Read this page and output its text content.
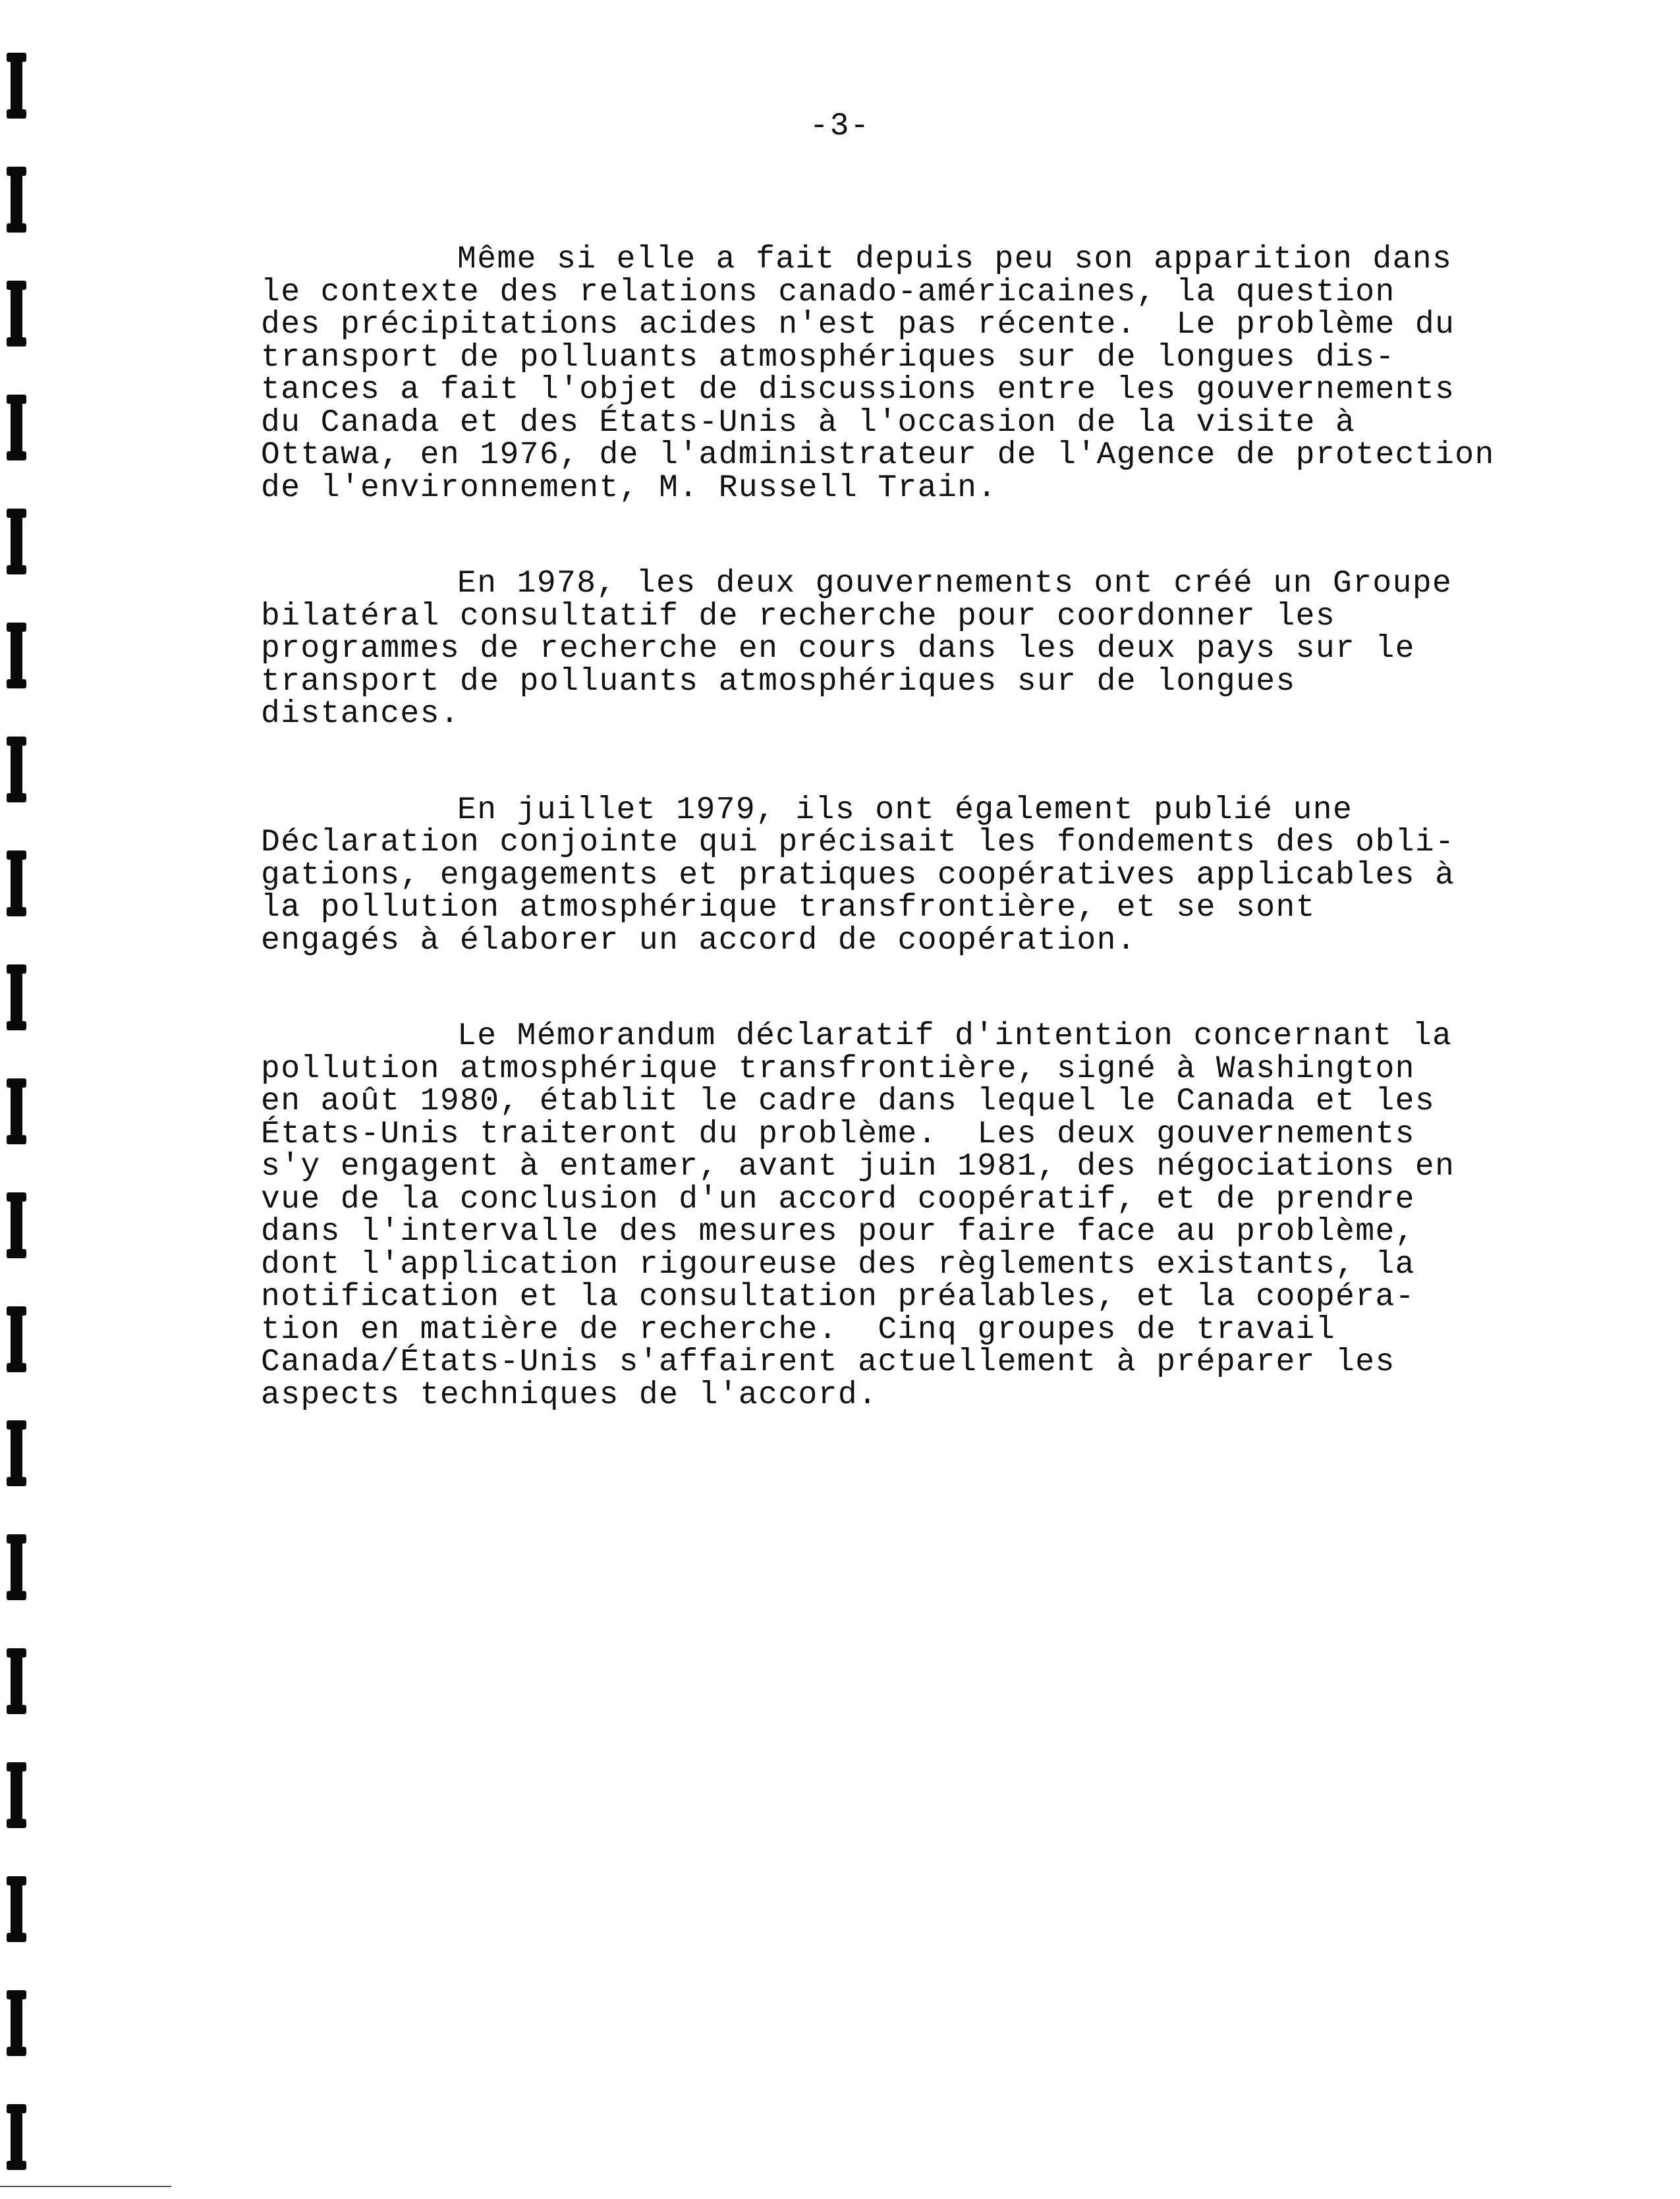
-3-
Même si elle a fait depuis peu son apparition dans
le contexte des relations canado-américaines, la question
des précipitations acides n'est pas récente.  Le problème du
transport de polluants atmosphériques sur de longues dis-
tances a fait l'objet de discussions entre les gouvernements
du Canada et des États-Unis à l'occasion de la visite à
Ottawa, en 1976, de l'administrateur de l'Agence de protection
de l'environnement, M. Russell Train.
En 1978, les deux gouvernements ont créé un Groupe
bilatéral consultatif de recherche pour coordonner les
programmes de recherche en cours dans les deux pays sur le
transport de polluants atmosphériques sur de longues
distances.
En juillet 1979, ils ont également publié une
Déclaration conjointe qui précisait les fondements des obli-
gations, engagements et pratiques coopératives applicables à
la pollution atmosphérique transfrontière, et se sont
engagés à élaborer un accord de coopération.
Le Mémorandum déclaratif d'intention concernant la
pollution atmosphérique transfrontière, signé à Washington
en août 1980, établit le cadre dans lequel le Canada et les
États-Unis traiteront du problème.  Les deux gouvernements
s'y engagent à entamer, avant juin 1981, des négociations en
vue de la conclusion d'un accord coopératif, et de prendre
dans l'intervalle des mesures pour faire face au problème,
dont l'application rigoureuse des règlements existants, la
notification et la consultation préalables, et la coopéra-
tion en matière de recherche.  Cinq groupes de travail
Canada/États-Unis s'affairent actuellement à préparer les
aspects techniques de l'accord.
